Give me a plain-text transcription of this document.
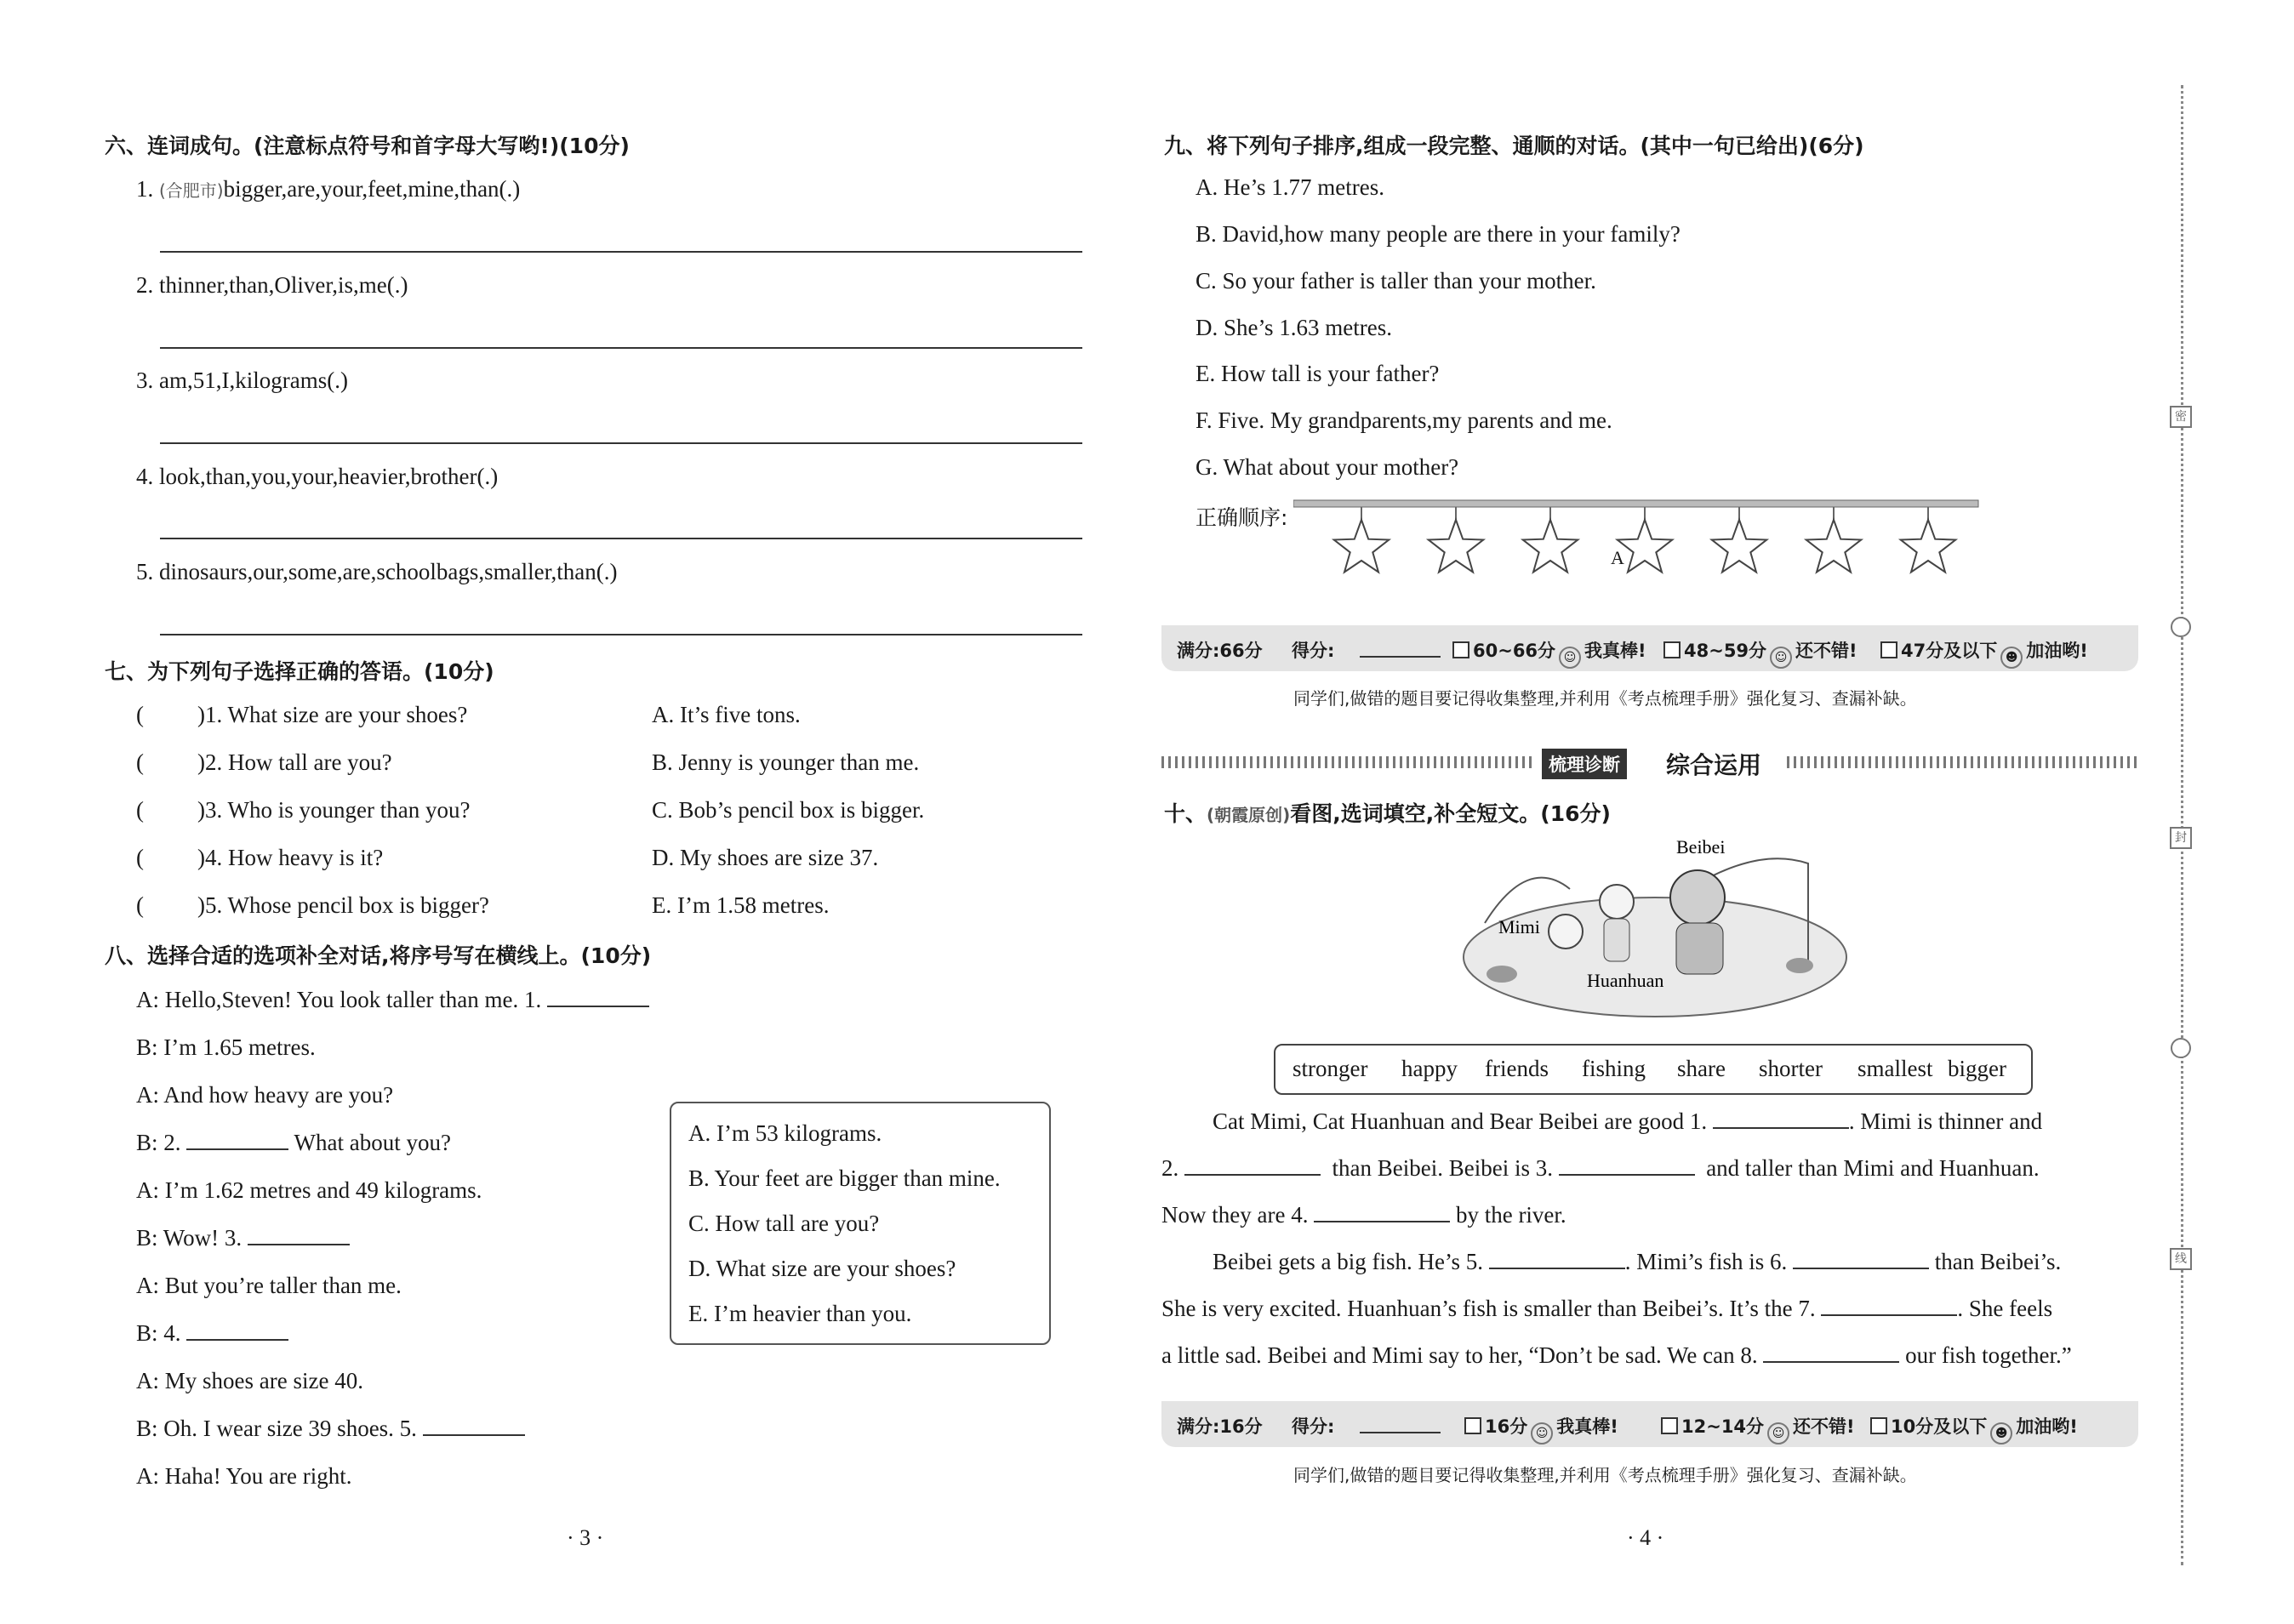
六、连词成句。(注意标点符号和首字母大写哟!)(10分)
1. (合肥市)bigger,are,your,feet,mine,than(.)
2. thinner,than,Oliver,is,me(.)
3. am,51,I,kilograms(.)
4. look,than,you,your,heavier,brother(.)
5. dinosaurs,our,some,are,schoolbags,smaller,than(.)
七、为下列句子选择正确的答语。(10分)
( )1. What size are your shoes?	A. It’s five tons.
( )2. How tall are you?	B. Jenny is younger than me.
( )3. Who is younger than you?	C. Bob’s pencil box is bigger.
( )4. How heavy is it?	D. My shoes are size 37.
( )5. Whose pencil box is bigger?	E. I’m 1.58 metres.
八、选择合适的选项补全对话,将序号写在横线上。(10分)
A: Hello,Steven! You look taller than me. 1.
B: I’m 1.65 metres.
A: And how heavy are you?
B: 2.	What about you?
A: I’m 1.62 metres and 49 kilograms.
B: Wow! 3.
A: But you’re taller than me.
B: 4.
A: My shoes are size 40.
B: Oh. I wear size 39 shoes. 5.
A: Haha! You are right.
A. I’m 53 kilograms.
B. Your feet are bigger than mine.
C. How tall are you?
D. What size are your shoes?
E. I’m heavier than you.
· 3 ·
九、将下列句子排序,组成一段完整、通顺的对话。(其中一句已给出)(6分)
A. He’s 1.77 metres.
B. David,how many people are there in your family?
C. So your father is taller than your mother.
D. She’s 1.63 metres.
E. How tall is your father?
F. Five. My grandparents,my parents and me.
G. What about your mother?
正确顺序:
A
满分:66分 得分:	60~66分 ☺ 我真棒!	48~59分 ☺ 还不错!	47分及以下 ☻ 加油哟!
同学们,做错的题目要记得收集整理,并利用《考点梳理手册》强化复习、查漏补缺。
梳理诊断 综合运用
十、(朝霞原创)看图,选词填空,补全短文。(16分)
Beibei
Mimi
Huanhuan
stronger happy friends fishing share shorter smallest bigger
Cat Mimi, Cat Huanhuan and Bear Beibei are good 1.	. Mimi is thinner and
2.	than Beibei. Beibei is 3.	and taller than Mimi and Huanhuan.
Now they are 4.	by the river.
Beibei gets a big fish. He’s 5.	. Mimi’s fish is 6.	than Beibei’s.
She is very excited. Huanhuan’s fish is smaller than Beibei’s. It’s the 7.	. She feels
a little sad. Beibei and Mimi say to her, “Don’t be sad. We can 8.	our fish together.”
满分:16分 得分:	16分 ☺ 我真棒!	12~14分 ☺ 还不错!	10分及以下 ☻ 加油哟!
同学们,做错的题目要记得收集整理,并利用《考点梳理手册》强化复习、查漏补缺。
· 4 ·
密
封
线
